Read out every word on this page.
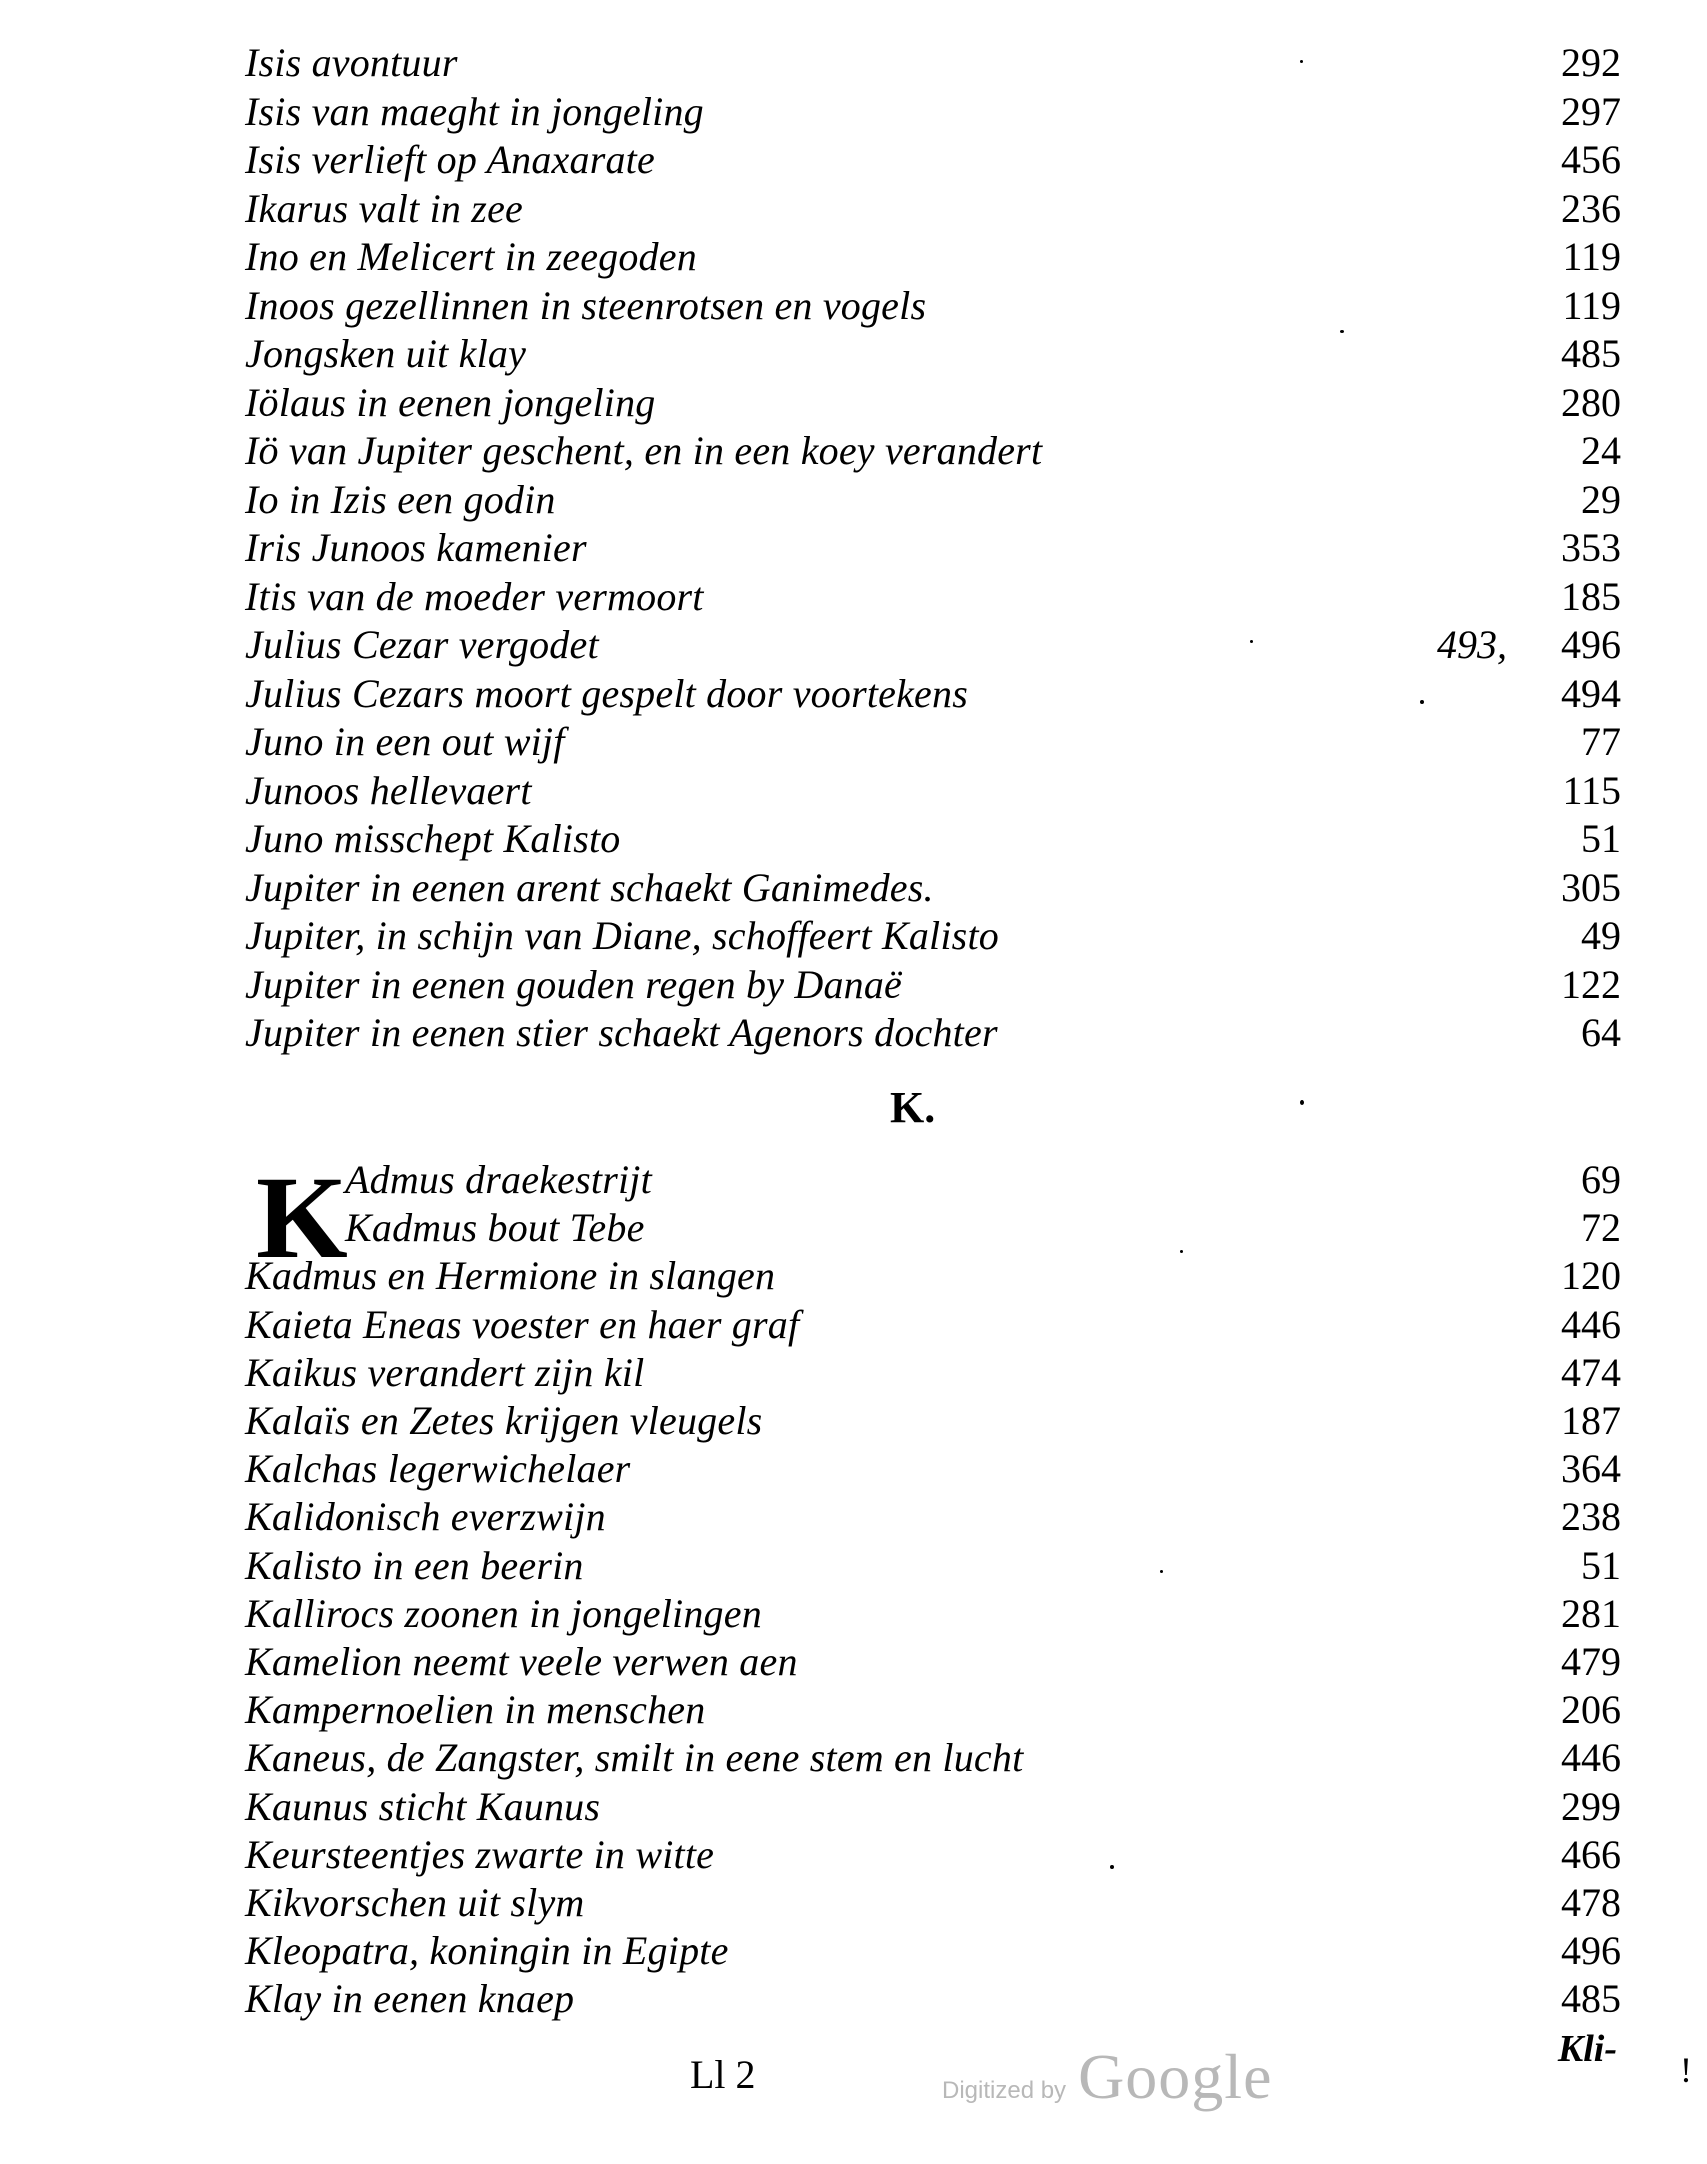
Isis avontuur	292
Isis van maeght in jongeling	297
Isis verlieft op Anaxarate	456
Ikarus valt in zee	236
Ino en Melicert in zeegoden	119
Inoos gezellinnen in steenrotsen en vogels	119
Jongsken uit klay	485
Iölaus in eenen jongeling	280
Iö van Jupiter geschent, en in een koey verandert	24
Io in Izis een godin	29
Iris Junoos kamenier	353
Itis van de moeder vermoort	185
Julius Cezar vergodet	493,	496
Julius Cezars moort gespelt door voortekens	494
Juno in een out wijf	77
Junoos hellevaert	115
Juno misschept Kalisto	51
Jupiter in eenen arent schaekt Ganimedes.	305
Jupiter, in schijn van Diane, schoffeert Kalisto	49
Jupiter in eenen gouden regen by Danaë	122
Jupiter in eenen stier schaekt Agenors dochter	64
K.
K
Admus draekestrijt	69
Kadmus bout Tebe	72
Kadmus en Hermione in slangen	120
Kaieta Eneas voester en haer graf	446
Kaikus verandert zijn kil	474
Kalaïs en Zetes krijgen vleugels	187
Kalchas legerwichelaer	364
Kalidonisch everzwijn	238
Kalisto in een beerin	51
Kallirocs zoonen in jongelingen	281
Kamelion neemt veele verwen aen	479
Kampernoelien in menschen	206
Kaneus, de Zangster, smilt in eene stem en lucht	446
Kaunus sticht Kaunus	299
Keursteentjes zwarte in witte	466
Kikvorschen uit slym	478
Kleopatra, koningin in Egipte	496
Klay in eenen knaep	485
Kli-
Ll 2	Digitized by Google	!
